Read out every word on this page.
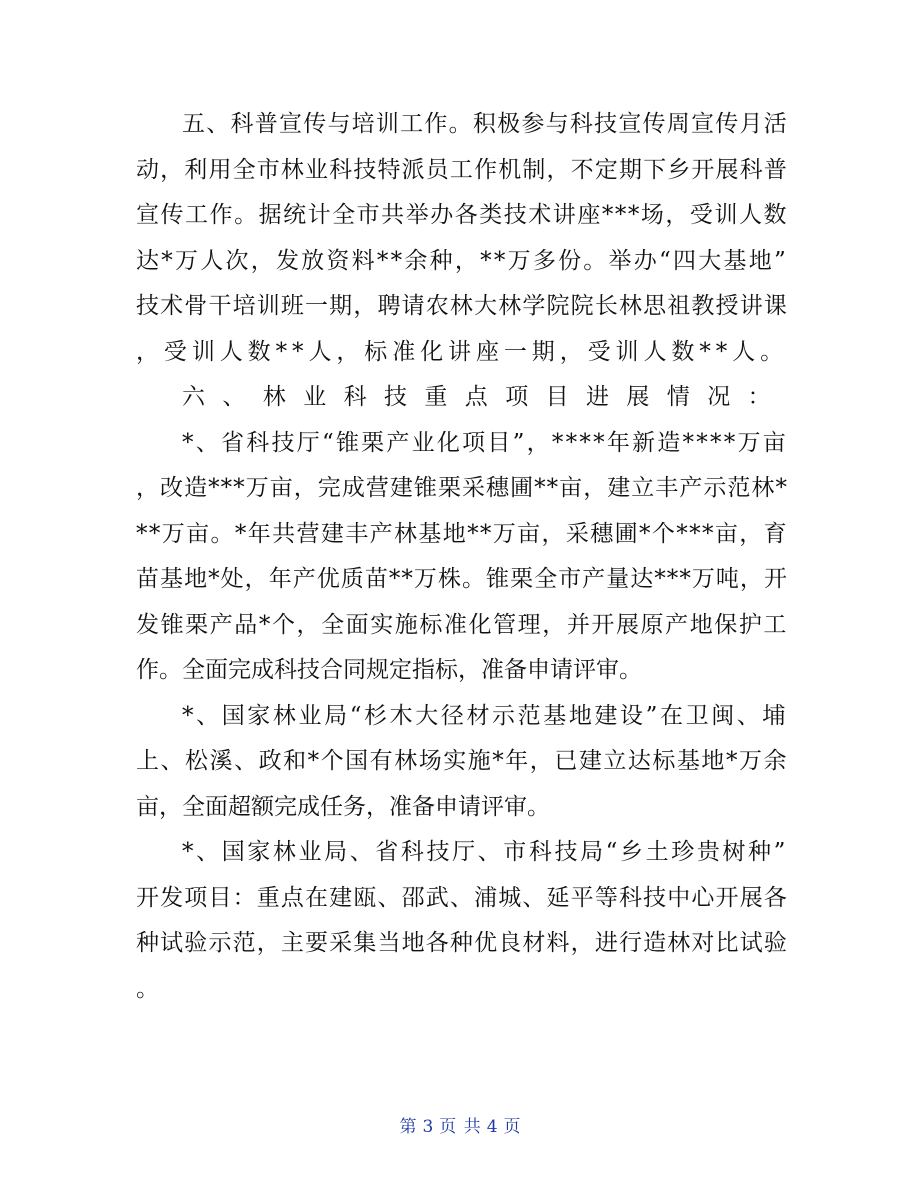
五、科普宣传与培训工作。积极参与科技宣传周宣传月活
动，利用全市林业科技特派员工作机制，不定期下乡开展科普
宣传工作。据统计全市共举办各类技术讲座***场，受训人数
达*万人次，发放资料**余种，**万多份。举办“四大基地”
技术骨干培训班一期，聘请农林大林学院院长林思祖教授讲课
，受训人数**人，标准化讲座一期，受训人数**人。
六、林业科技重点项目进展情况：
*、省科技厅“锥栗产业化项目”，****年新造****万亩
，改造***万亩，完成营建锥栗采穗圃**亩，建立丰产示范林*
**万亩。*年共营建丰产林基地**万亩，采穗圃*个***亩，育
苗基地*处，年产优质苗**万株。锥栗全市产量达***万吨，开
发锥栗产品*个，全面实施标准化管理，并开展原产地保护工
作。全面完成科技合同规定指标，准备申请评审。
*、国家林业局“杉木大径材示范基地建设”在卫闽、埔
上、松溪、政和*个国有林场实施*年，已建立达标基地*万余
亩，全面超额完成任务，准备申请评审。
*、国家林业局、省科技厅、市科技局“乡土珍贵树种”
开发项目：重点在建瓯、邵武、浦城、延平等科技中心开展各
种试验示范，主要采集当地各种优良材料，进行造林对比试验
。
第 3 页 共 4 页
